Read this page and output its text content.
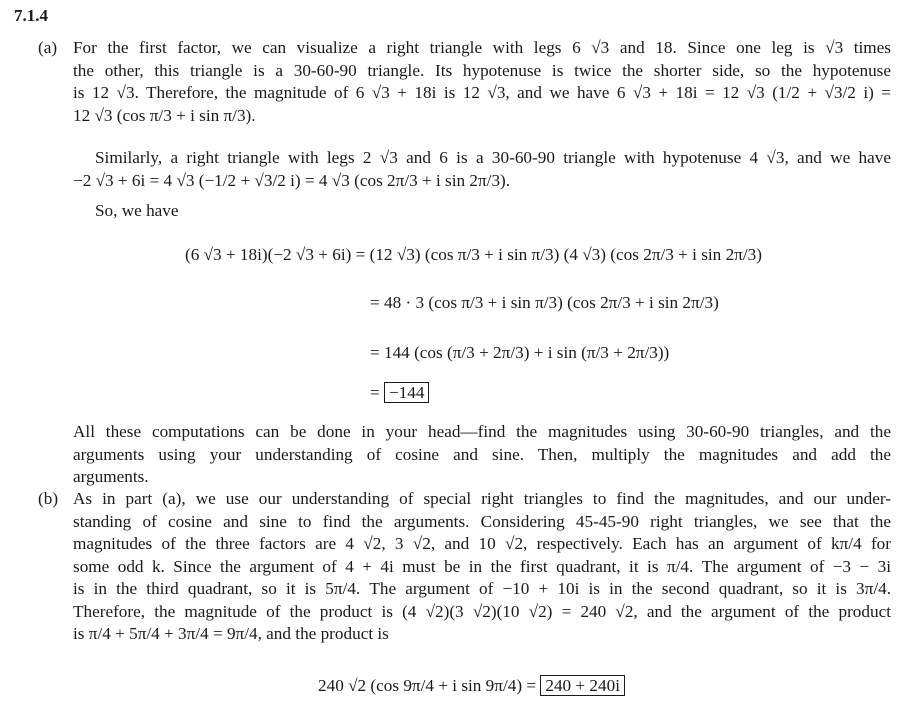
7.1.4
(a) For the first factor, we can visualize a right triangle with legs 6 √3 and 18. Since one leg is √3 times
the other, this triangle is a 30-60-90 triangle. Its hypotenuse is twice the shorter side, so the hypotenuse
is 12 √3. Therefore, the magnitude of 6 √3 + 18i is 12 √3, and we have 6 √3 + 18i = 12 √3 (1/2 + √3/2 i) =
12 √3 (cos π/3 + i sin π/3).
Similarly, a right triangle with legs 2 √3 and 6 is a 30-60-90 triangle with hypotenuse 4 √3, and we have
−2 √3 + 6i = 4 √3 (−1/2 + √3/2 i) = 4 √3 (cos 2π/3 + i sin 2π/3).
So, we have
(6 √3 + 18i)(−2 √3 + 6i) = (12 √3) (cos π/3 + i sin π/3) (4 √3) (cos 2π/3 + i sin 2π/3)
= 48 · 3 (cos π/3 + i sin π/3) (cos 2π/3 + i sin 2π/3)
= 144 (cos (π/3 + 2π/3) + i sin (π/3 + 2π/3))
= −144
All these computations can be done in your head—find the magnitudes using 30-60-90 triangles, and the
arguments using your understanding of cosine and sine. Then, multiply the magnitudes and add the
arguments.
(b) As in part (a), we use our understanding of special right triangles to find the magnitudes, and our under-
standing of cosine and sine to find the arguments. Considering 45-45-90 right triangles, we see that the
magnitudes of the three factors are 4 √2, 3 √2, and 10 √2, respectively. Each has an argument of kπ/4 for
some odd k. Since the argument of 4 + 4i must be in the first quadrant, it is π/4. The argument of −3 − 3i
is in the third quadrant, so it is 5π/4. The argument of −10 + 10i is in the second quadrant, so it is 3π/4.
Therefore, the magnitude of the product is (4 √2)(3 √2)(10 √2) = 240 √2, and the argument of the product
is π/4 + 5π/4 + 3π/4 = 9π/4, and the product is
240 √2 (cos 9π/4 + i sin 9π/4) = 240 + 240i
